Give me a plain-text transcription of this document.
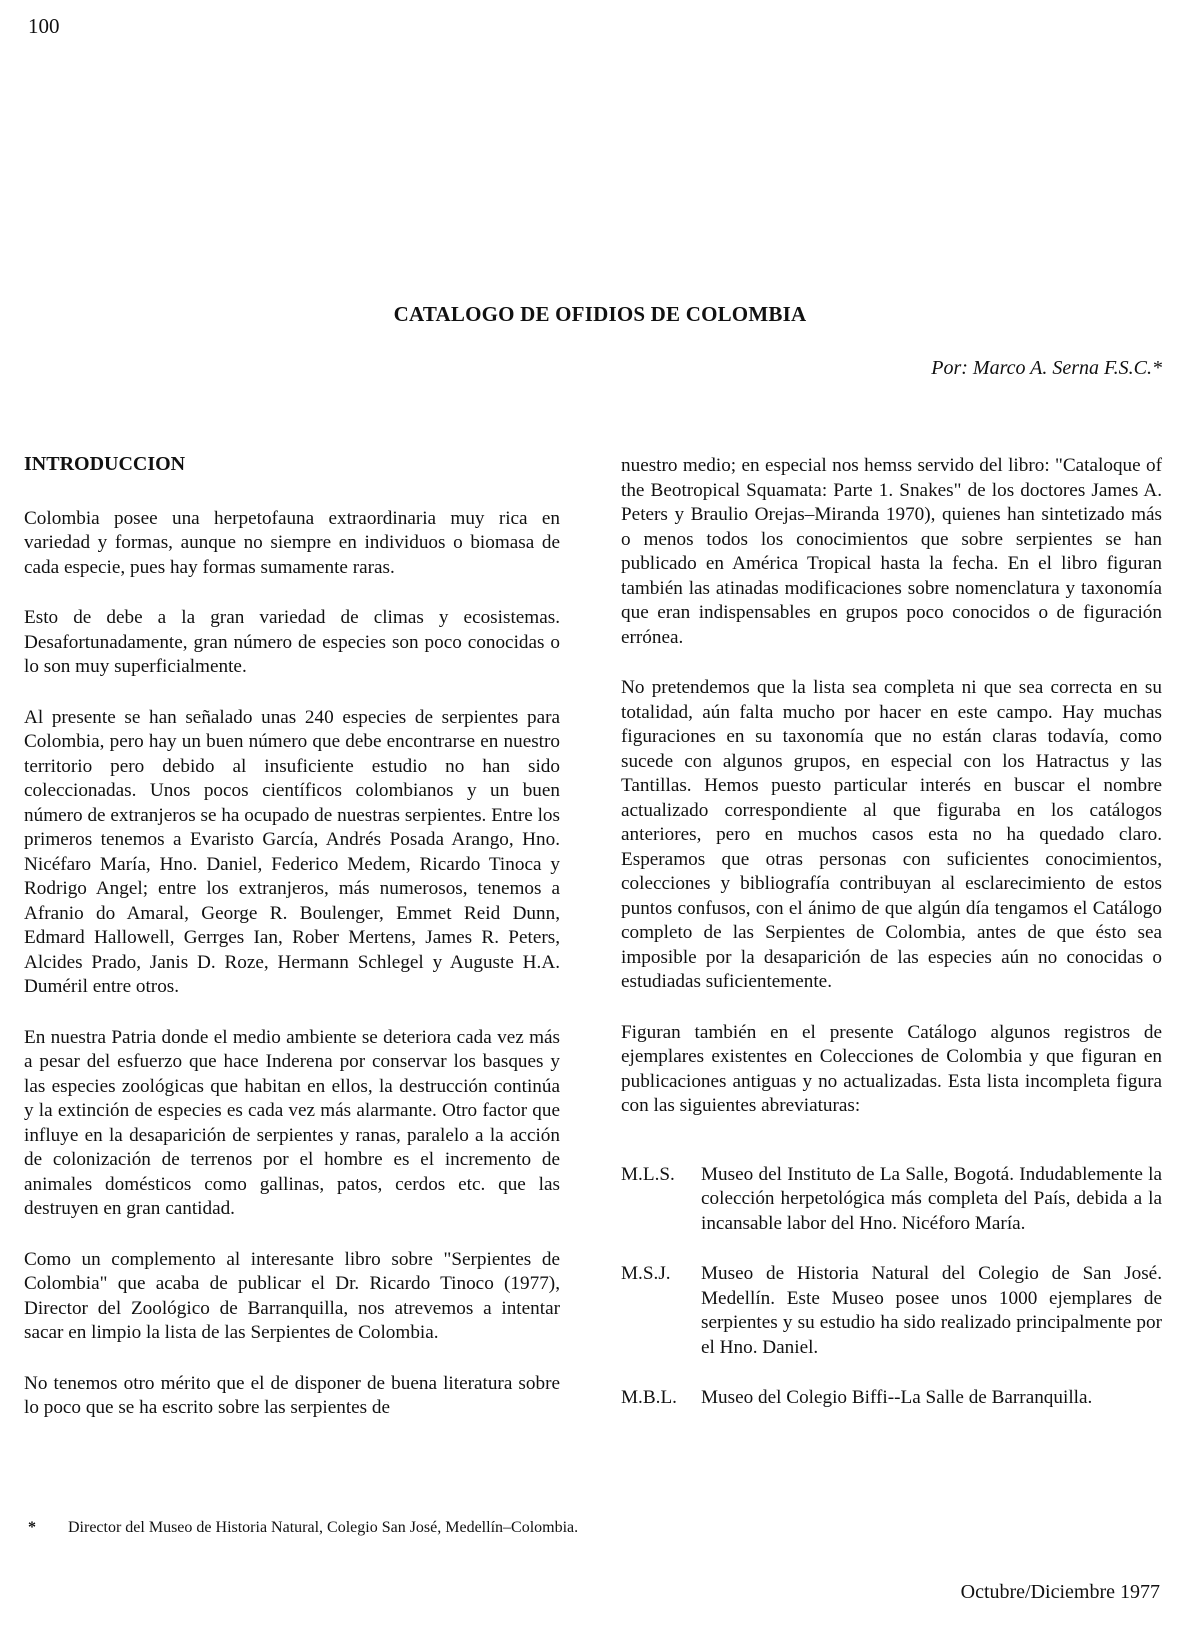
100
CATALOGO DE OFIDIOS DE COLOMBIA
Por: Marco A. Serna F.S.C.*
INTRODUCCION

Colombia posee una herpetofauna extraordinaria muy rica en variedad y formas, aunque no siempre en individuos o biomasa de cada especie, pues hay formas sumamente raras.

Esto de debe a la gran variedad de climas y ecosistemas. Desafortunadamente, gran número de especies son poco conocidas o lo son muy superficialmente.

Al presente se han señalado unas 240 especies de serpientes para Colombia, pero hay un buen número que debe encontrarse en nuestro territorio pero debido al insuficiente estudio no han sido coleccionadas. Unos pocos científicos colombianos y un buen número de extranjeros se ha ocupado de nuestras serpientes. Entre los primeros tenemos a Evaristo García, Andrés Posada Arango, Hno. Nicéfaro María, Hno. Daniel, Federico Medem, Ricardo Tinoca y Rodrigo Angel; entre los extranjeros, más numerosos, tenemos a Afranio do Amaral, George R. Boulenger, Emmet Reid Dunn, Edmard Hallowell, Gerrges Ian, Rober Mertens, James R. Peters, Alcides Prado, Janis D. Roze, Hermann Schlegel y Auguste H.A. Duméril entre otros.

En nuestra Patria donde el medio ambiente se deteriora cada vez más a pesar del esfuerzo que hace Inderena por conservar los basques y las especies zoológicas que habitan en ellos, la destrucción continúa y la extinción de especies es cada vez más alarmante. Otro factor que influye en la desaparición de serpientes y ranas, paralelo a la acción de colonización de terrenos por el hombre es el incremento de animales domésticos como gallinas, patos, cerdos etc. que las destruyen en gran cantidad.

Como un complemento al interesante libro sobre "Serpientes de Colombia" que acaba de publicar el Dr. Ricardo Tinoco (1977), Director del Zoológico de Barranquilla, nos atrevemos a intentar sacar en limpio la lista de las Serpientes de Colombia.

No tenemos otro mérito que el de disponer de buena literatura sobre lo poco que se ha escrito sobre las serpientes de

nuestro medio; en especial nos hemss servido del libro: "Cataloque of the Beotropical Squamata: Parte 1. Snakes" de los doctores James A. Peters y Braulio Orejas–Miranda 1970), quienes han sintetizado más o menos todos los conocimientos que sobre serpientes se han publicado en América Tropical hasta la fecha. En el libro figuran también las atinadas modificaciones sobre nomenclatura y taxonomía que eran indispensables en grupos poco conocidos o de figuración errónea.

No pretendemos que la lista sea completa ni que sea correcta en su totalidad, aún falta mucho por hacer en este campo. Hay muchas figuraciones en su taxonomía que no están claras todavía, como sucede con algunos grupos, en especial con los Hatractus y las Tantillas. Hemos puesto particular interés en buscar el nombre actualizado correspondiente al que figuraba en los catálogos anteriores, pero en muchos casos esta no ha quedado claro. Esperamos que otras personas con suficientes conocimientos, colecciones y bibliografía contribuyan al esclarecimiento de estos puntos confusos, con el ánimo de que algún día tengamos el Catálogo completo de las Serpientes de Colombia, antes de que ésto sea imposible por la desaparición de las especies aún no conocidas o estudiadas suficientemente.

Figuran también en el presente Catálogo algunos registros de ejemplares existentes en Colecciones de Colombia y que figuran en publicaciones antiguas y no actualizadas. Esta lista incompleta figura con las siguientes abreviaturas:

M.L.S.	Museo del Instituto de La Salle, Bogotá. Indudablemente la colección herpetológica más completa del País, debida a la incansable labor del Hno. Nicéforo María.
M.S.J.	Museo de Historia Natural del Colegio de San José. Medellín. Este Museo posee unos 1000 ejemplares de serpientes y su estudio ha sido realizado principalmente por el Hno. Daniel.
M.B.L.	Museo del Colegio Biffi--La Salle de Barranquilla.
* Director del Museo de Historia Natural, Colegio San José, Medellín–Colombia.
Octubre/Diciembre 1977
